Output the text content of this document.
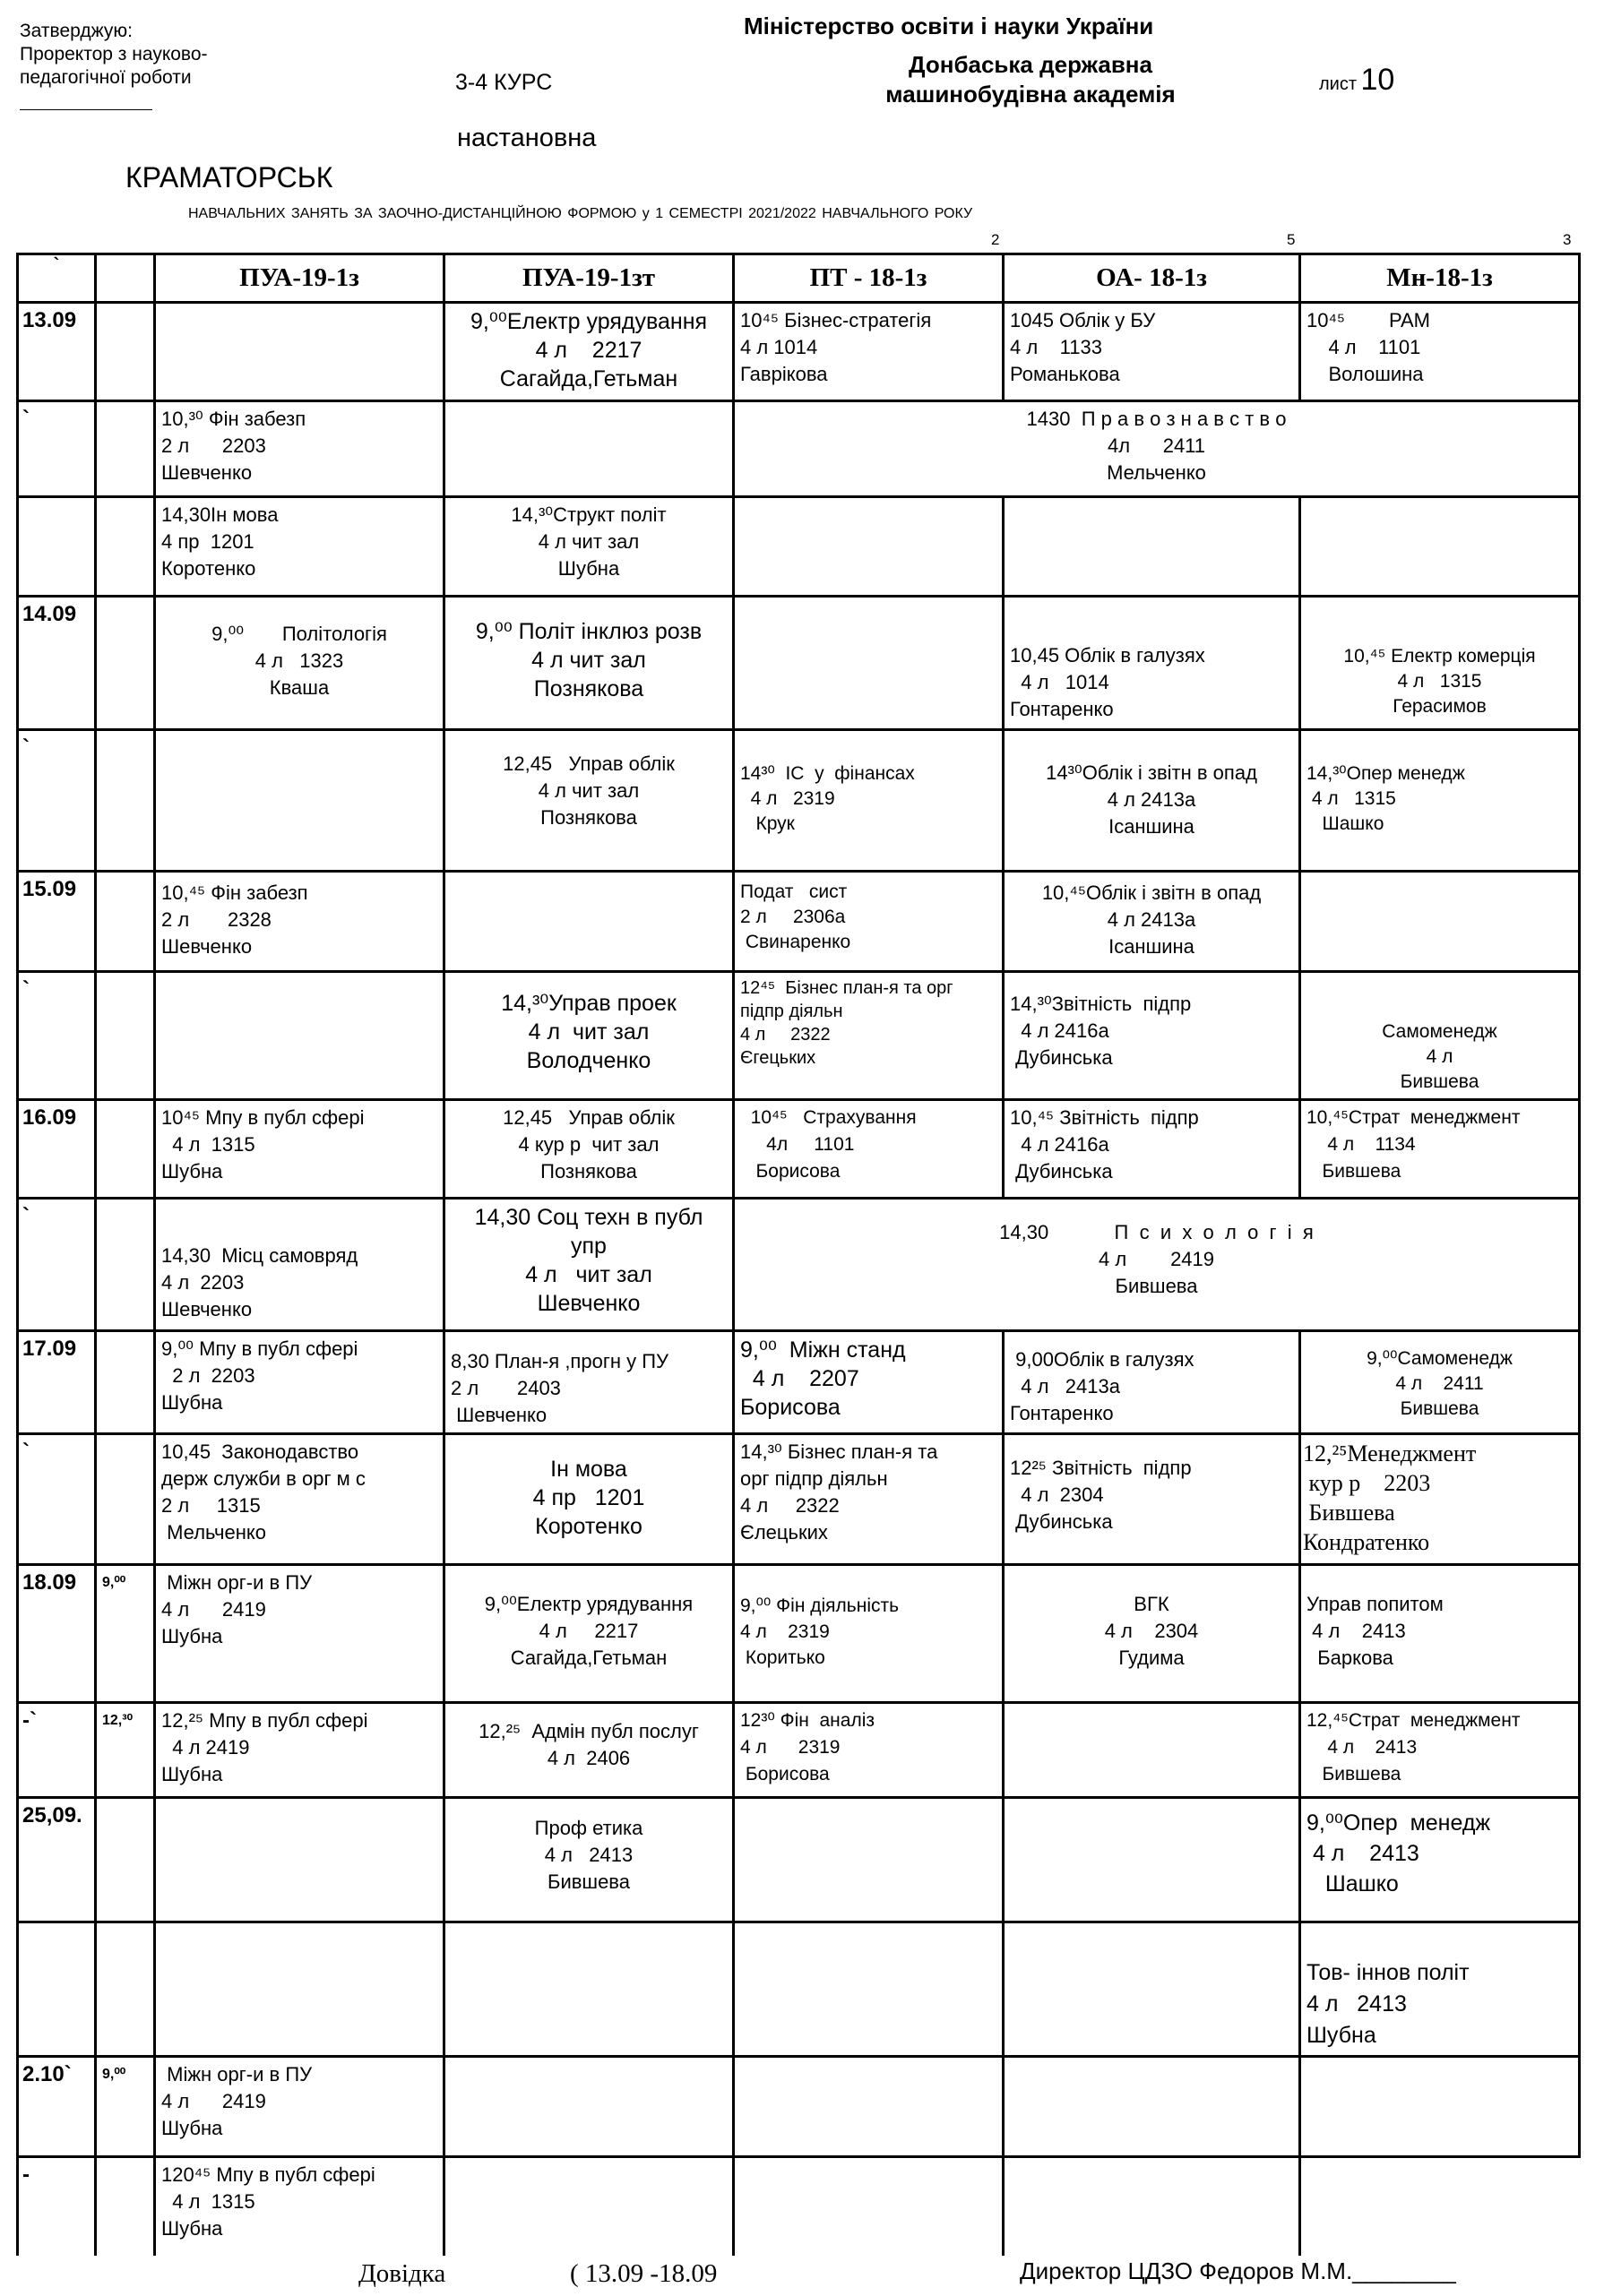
Затверджую:
Проректор з науково-
педагогічної роботи
Міністерство освіти і науки України
Донбаська державна
машинобудівна академія
3-4 КУРС	лист 10
настановна
КРАМАТОРСЬК
НАВЧАЛЬНИХ ЗАНЯТЬ ЗА ЗАОЧНО-ДИСТАНЦІЙНОЮ ФОРМОЮ у 1 СЕМЕСТРІ 2021/2022 НАВЧАЛЬНОГО РОКУ
2	5	3
`		ПУА-19-1з	ПУА-19-1зт	ПТ - 18-1з	ОА- 18-1з	Мн-18-1з
13.09			9,⁰⁰Електр урядування
4 л    2217
Сагайда,Гетьман	10⁴⁵ Бізнес-стратегія
4 л 1014
Гаврікова	1045 Облік у БУ
4 л    1133
Романькова	10⁴⁵        PAM
4 л    1101
Волошина

`		10,³⁰ Фін забезп
2 л      2203
Шевченко		1430  П р а в о з н а в с т в о
4л      2411
Мельченко		

		14,30Ін мова
4 пр  1201
Коротенко	14,³⁰Структ політ
4 л чит зал
Шубна			

14.09		9,⁰⁰       Політологія
4 л   1323
Кваша	9,⁰⁰ Політ інклюз розв
4 л чит зал
Познякова		10,45 Облік в галузях
4 л   1014
Гонтаренко	10,⁴⁵ Електр комерція
4 л   1315
Герасимов

`			12,45   Управ облік
4 л чит зал
Познякова	14³⁰  ІС  у  фінансах
4 л   2319
Крук	14³⁰Облік і звітн в опад
4 л 2413а
Ісаншина	14,³⁰Опер менедж
4 л   1315
Шашко

15.09		10,⁴⁵ Фін забезп
2 л       2328
Шевченко		Подат   сист
2 л     2306а
Свинаренко	10,⁴⁵Облік і звітн в опад
4 л 2413а
Ісаншина	

`			14,³⁰Управ проек
4 л  чит зал
Володченко	12⁴⁵  Бізнес план-я та орг
підпр діяльн
4 л     2322
Єгецьких	14,³⁰Звітність  підпр
4 л 2416а
Дубинська	Самоменедж
4 л
Бившева

16.09		10⁴⁵ Мпу в публ сфері
4 л  1315
Шубна	12,45   Управ облік
4 кур р  чит зал
Познякова	10⁴⁵   Страхування
4л     1101
Борисова	10,⁴⁵ Звітність  підпр
4 л 2416а
Дубинська	10,⁴⁵Страт  менеджмент
4 л    1134
Бившева

`		14,30  Місц самовряд
4 л  2203
Шевченко	14,30 Соц техн в публ
упр
4 л   чит зал
Шевченко	14,30            П  с  и  х  о  л  о  г  і  я
4 л        2419
Бившева		

17.09		9,⁰⁰ Мпу в публ сфері
2 л  2203
Шубна	8,30 План-я ,прогн у ПУ
2 л       2403
Шевченко	9,⁰⁰  Міжн станд
4 л    2207
Борисова	9,00Облік в галузях
4 л   2413а
Гонтаренко	9,⁰⁰Самоменедж
4 л    2411
Бившева

`		10,45  Законодавство
держ служби в орг м с
2 л     1315
Мельченко	Ін мова
4 пр   1201
Коротенко	14,³⁰ Бізнес план-я та
орг підпр діяльн
4 л     2322
Єлецьких	12²⁵ Звітність  підпр
4 л  2304
Дубинська	12,²⁵Менеджмент
кур р    2203
Бившева
Кондратенко

18.09	9,⁰⁰	Міжн орг-и в ПУ
4 л      2419
Шубна	9,⁰⁰Електр урядування
4 л     2217
Сагайда,Гетьман	9,⁰⁰ Фін діяльність
4 л    2319
Коритько	ВГК
4 л    2304
Гудима	Управ попитом
4 л    2413
Баркова

-`	12,³⁰	12,²⁵ Мпу в публ сфері
4 л 2419
Шубна	12,²⁵  Адмін публ послуг
4 л  2406	12³⁰ Фін  аналіз
4 л      2319
Борисова		12,⁴⁵Страт  менеджмент
4 л    2413
Бившева

25,09.			Проф етика
4 л   2413
Бившева			9,⁰⁰Опер  менедж
4 л    2413
Шашко

						Тов- іннов політ
4 л   2413
Шубна

2.10`	9,⁰⁰	Міжн орг-и в ПУ
4 л      2419
Шубна				

-		120⁴⁵ Мпу в публ сфері
4 л  1315
Шубна				

Довідка	( 13.09 -18.09	Директор ЦДЗО Федоров М.М.________
